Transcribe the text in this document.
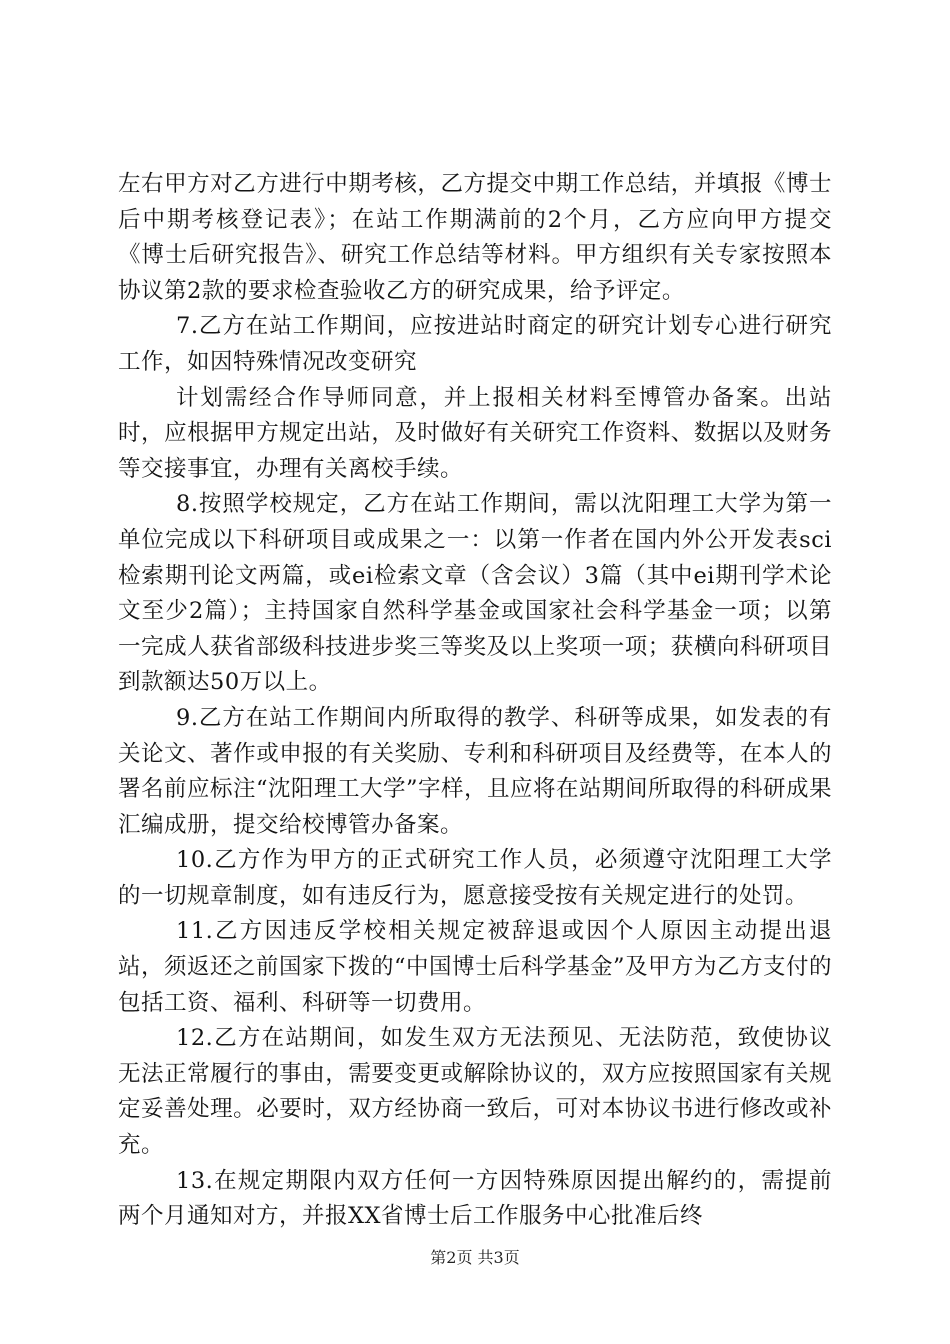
左右甲方对乙方进行中期考核，乙方提交中期工作总结，并填报《博士后中期考核登记表》；在站工作期满前的2个月，乙方应向甲方提交《博士后研究报告》、研究工作总结等材料。甲方组织有关专家按照本协议第2款的要求检查验收乙方的研究成果，给予评定。

7.乙方在站工作期间，应按进站时商定的研究计划专心进行研究工作，如因特殊情况改变研究

计划需经合作导师同意，并上报相关材料至博管办备案。出站时，应根据甲方规定出站，及时做好有关研究工作资料、数据以及财务等交接事宜，办理有关离校手续。

8.按照学校规定，乙方在站工作期间，需以沈阳理工大学为第一单位完成以下科研项目或成果之一：以第一作者在国内外公开发表sci检索期刊论文两篇，或ei检索文章（含会议）3篇（其中ei期刊学术论文至少2篇）；主持国家自然科学基金或国家社会科学基金一项；以第一完成人获省部级科技进步奖三等奖及以上奖项一项；获横向科研项目到款额达50万以上。

9.乙方在站工作期间内所取得的教学、科研等成果，如发表的有关论文、著作或申报的有关奖励、专利和科研项目及经费等，在本人的署名前应标注“沈阳理工大学”字样，且应将在站期间所取得的科研成果汇编成册，提交给校博管办备案。

10.乙方作为甲方的正式研究工作人员，必须遵守沈阳理工大学的一切规章制度，如有违反行为，愿意接受按有关规定进行的处罚。

11.乙方因违反学校相关规定被辞退或因个人原因主动提出退站，须返还之前国家下拨的“中国博士后科学基金”及甲方为乙方支付的包括工资、福利、科研等一切费用。

12.乙方在站期间，如发生双方无法预见、无法防范，致使协议无法正常履行的事由，需要变更或解除协议的，双方应按照国家有关规定妥善处理。必要时，双方经协商一致后，可对本协议书进行修改或补充。

13.在规定期限内双方任何一方因特殊原因提出解约的，需提前两个月通知对方，并报XX省博士后工作服务中心批准后终

第2页 共3页
